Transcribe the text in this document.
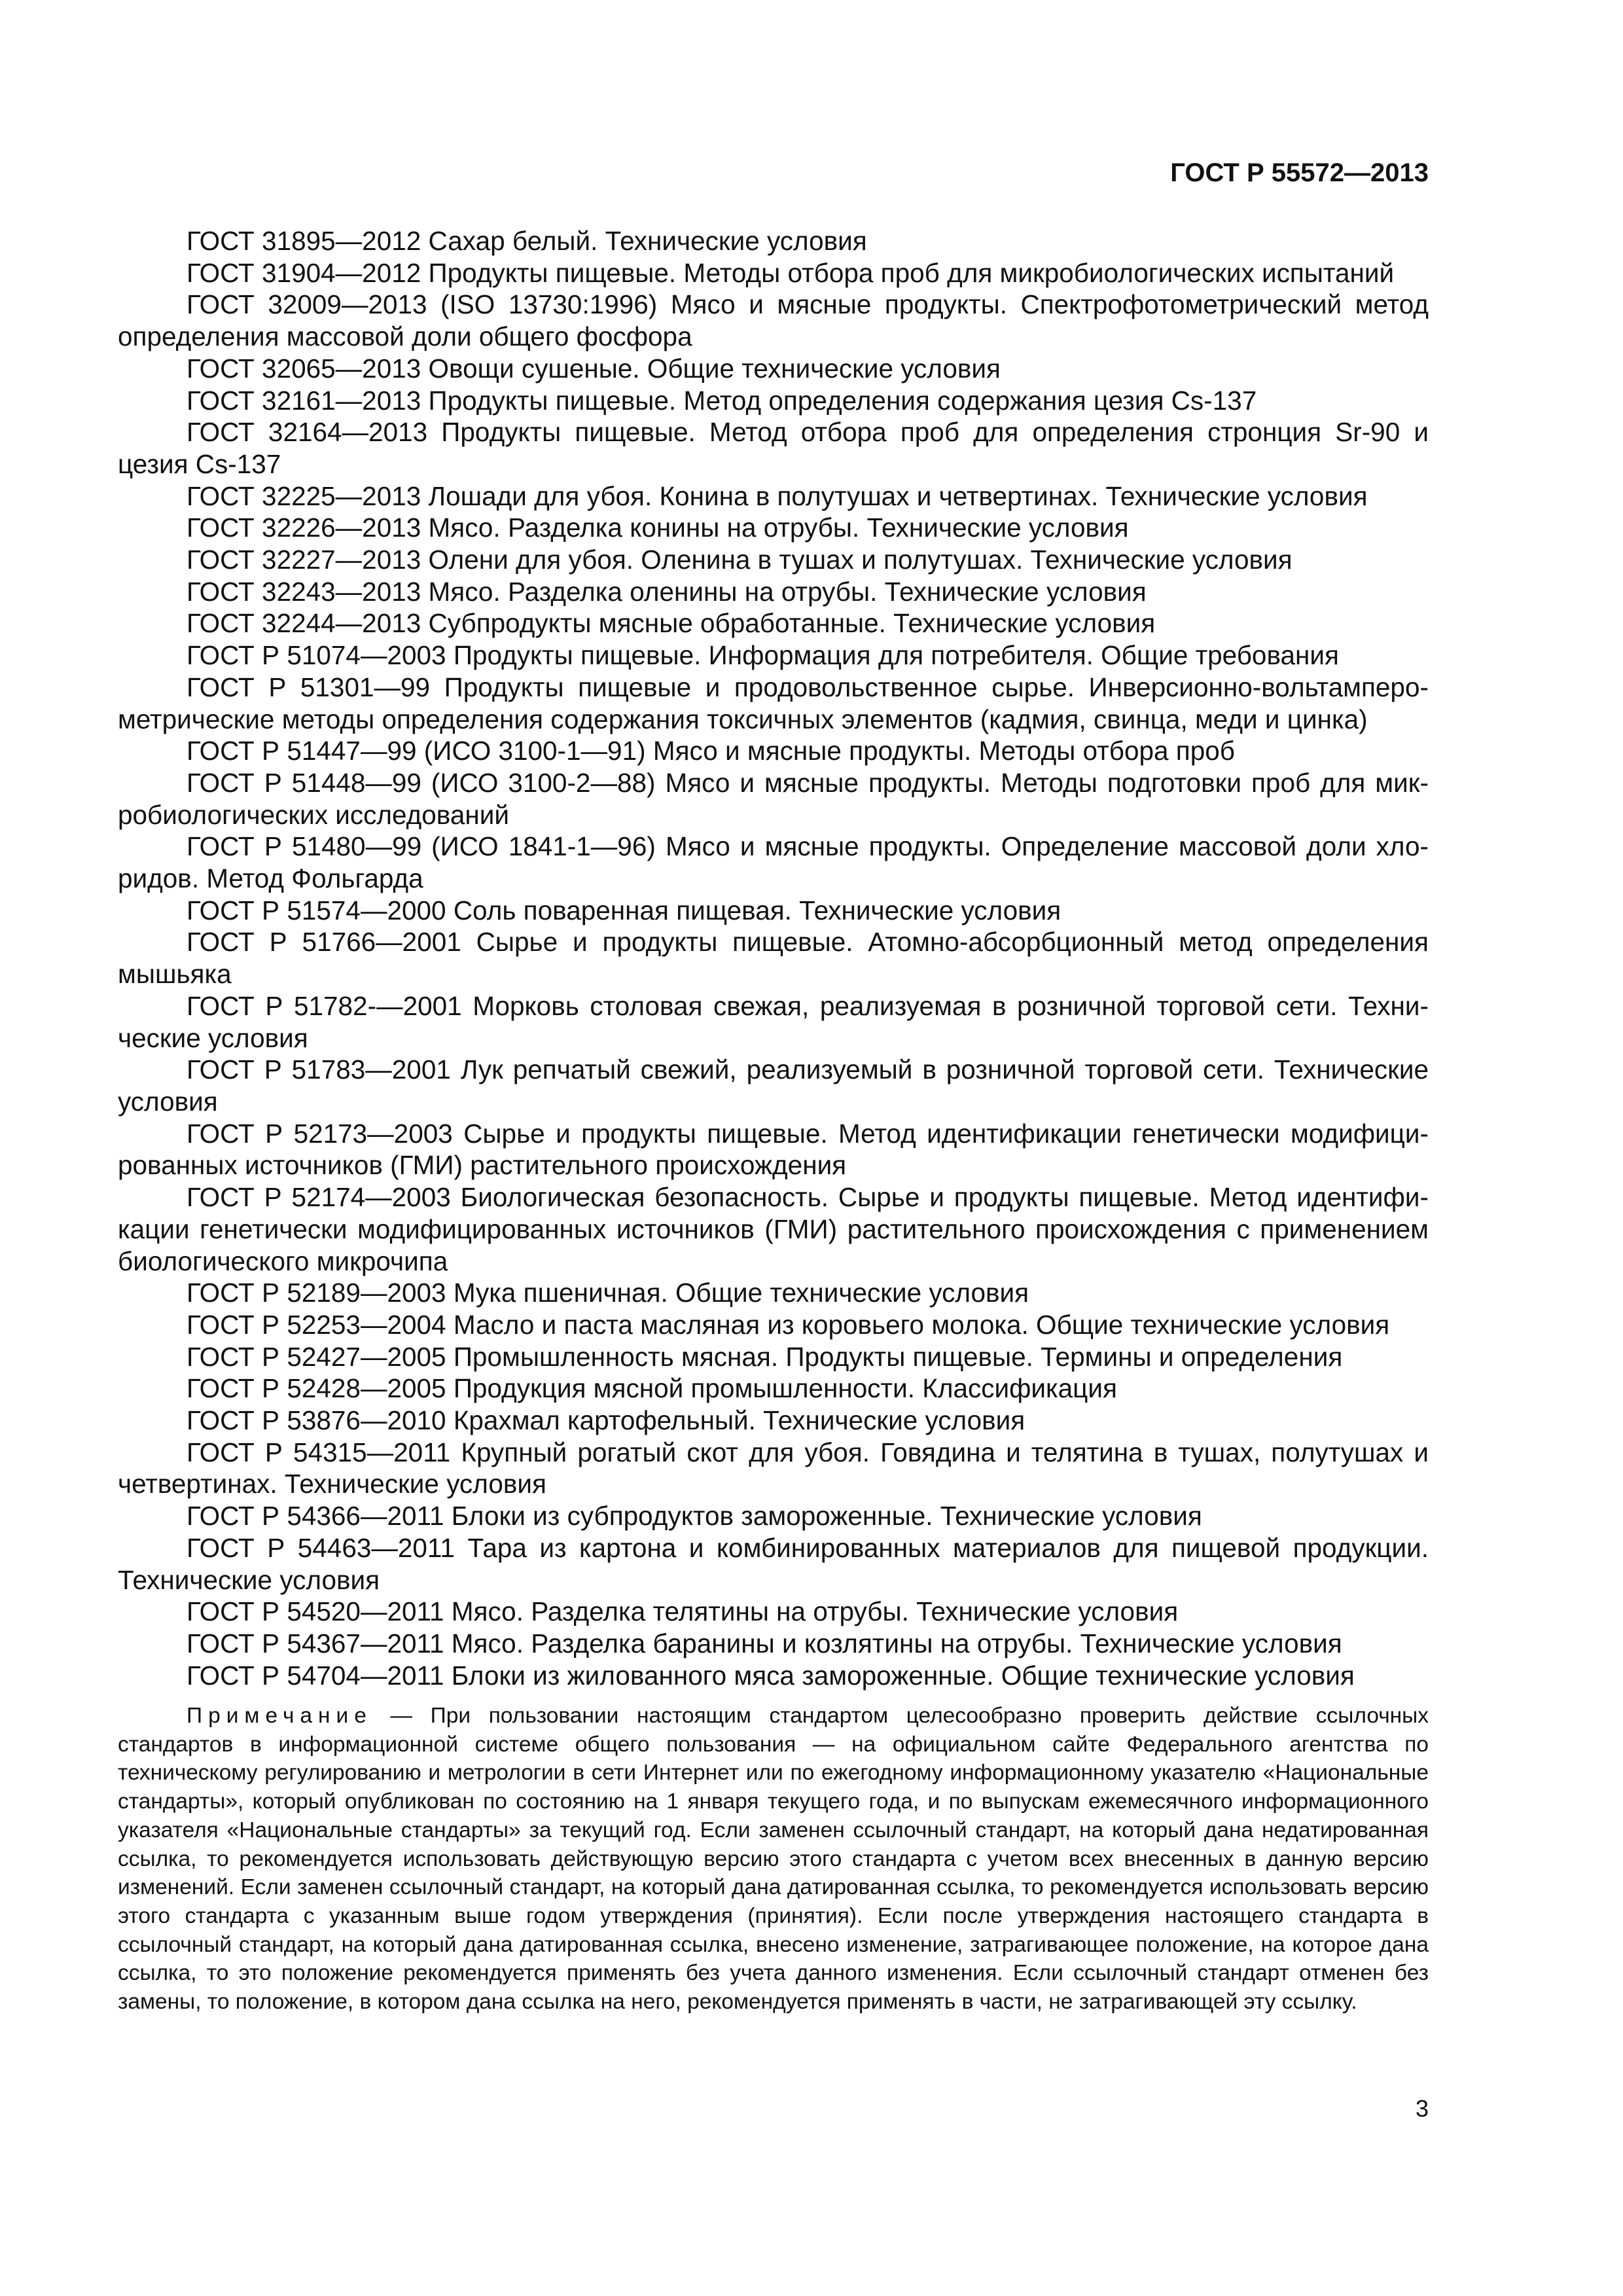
ГОСТ Р 55572—2013
ГОСТ 31895—2012 Сахар белый. Технические условия
ГОСТ 31904—2012 Продукты пищевые. Методы отбора проб для микробиологических испытаний
ГОСТ 32009—2013 (ISO 13730:1996) Мясо и мясные продукты. Спектрофотометрический метод определения массовой доли общего фосфора
ГОСТ 32065—2013 Овощи сушеные. Общие технические условия
ГОСТ 32161—2013 Продукты пищевые. Метод определения содержания цезия Cs-137
ГОСТ 32164—2013 Продукты пищевые. Метод отбора проб для определения стронция Sr-90 и цезия Cs-137
ГОСТ 32225—2013 Лошади для убоя. Конина в полутушах и четвертинах. Технические условия
ГОСТ 32226—2013 Мясо. Разделка конины на отрубы. Технические условия
ГОСТ 32227—2013 Олени для убоя. Оленина в тушах и полутушах. Технические условия
ГОСТ 32243—2013 Мясо. Разделка оленины на отрубы. Технические условия
ГОСТ 32244—2013 Субпродукты мясные обработанные. Технические условия
ГОСТ Р 51074—2003 Продукты пищевые. Информация для потребителя. Общие требования
ГОСТ Р 51301—99 Продукты пищевые и продовольственное сырье. Инверсионно-вольтамперометрические методы определения содержания токсичных элементов (кадмия, свинца, меди и цинка)
ГОСТ Р 51447—99 (ИСО 3100-1—91) Мясо и мясные продукты. Методы отбора проб
ГОСТ Р 51448—99 (ИСО 3100-2—88) Мясо и мясные продукты. Методы подготовки проб для микробиологических исследований
ГОСТ Р 51480—99 (ИСО 1841-1—96) Мясо и мясные продукты. Определение массовой доли хлоридов. Метод Фольгарда
ГОСТ Р 51574—2000 Соль поваренная пищевая. Технические условия
ГОСТ Р 51766—2001 Сырье и продукты пищевые. Атомно-абсорбционный метод определения мышьяка
ГОСТ Р 51782-—2001 Морковь столовая свежая, реализуемая в розничной торговой сети. Технические условия
ГОСТ Р 51783—2001 Лук репчатый свежий, реализуемый в розничной торговой сети. Технические условия
ГОСТ Р 52173—2003 Сырье и продукты пищевые. Метод идентификации генетически модифицированных источников (ГМИ) растительного происхождения
ГОСТ Р 52174—2003 Биологическая безопасность. Сырье и продукты пищевые. Метод идентификации генетически модифицированных источников (ГМИ) растительного происхождения с применением биологического микрочипа
ГОСТ Р 52189—2003 Мука пшеничная. Общие технические условия
ГОСТ Р 52253—2004 Масло и паста масляная из коровьего молока. Общие технические условия
ГОСТ Р 52427—2005 Промышленность мясная. Продукты пищевые. Термины и определения
ГОСТ Р 52428—2005 Продукция мясной промышленности. Классификация
ГОСТ Р 53876—2010 Крахмал картофельный. Технические условия
ГОСТ Р 54315—2011 Крупный рогатый скот для убоя. Говядина и телятина в тушах, полутушах и четвертинах. Технические условия
ГОСТ Р 54366—2011 Блоки из субпродуктов замороженные. Технические условия
ГОСТ Р 54463—2011 Тара из картона и комбинированных материалов для пищевой продукции. Технические условия
ГОСТ Р 54520—2011 Мясо. Разделка телятины на отрубы. Технические условия
ГОСТ Р 54367—2011 Мясо. Разделка баранины и козлятины на отрубы. Технические условия
ГОСТ Р 54704—2011 Блоки из жилованного мяса замороженные. Общие технические условия
Примечание — При пользовании настоящим стандартом целесообразно проверить действие ссылочных стандартов в информационной системе общего пользования — на официальном сайте Федерального агентства по техническому регулированию и метрологии в сети Интернет или по ежегодному информационному указателю «Национальные стандарты», который опубликован по состоянию на 1 января текущего года, и по выпускам ежемесячного информационного указателя «Национальные стандарты» за текущий год. Если заменен ссылочный стандарт, на который дана недатированная ссылка, то рекомендуется использовать действующую версию этого стандарта с учетом всех внесенных в данную версию изменений. Если заменен ссылочный стандарт, на который дана датированная ссылка, то рекомендуется использовать версию этого стандарта с указанным выше годом утверждения (принятия). Если после утверждения настоящего стандарта в ссылочный стандарт, на который дана датированная ссылка, внесено изменение, затрагивающее положение, на которое дана ссылка, то это положение рекомендуется применять без учета данного изменения. Если ссылочный стандарт отменен без замены, то положение, в котором дана ссылка на него, рекомендуется применять в части, не затрагивающей эту ссылку.
3
